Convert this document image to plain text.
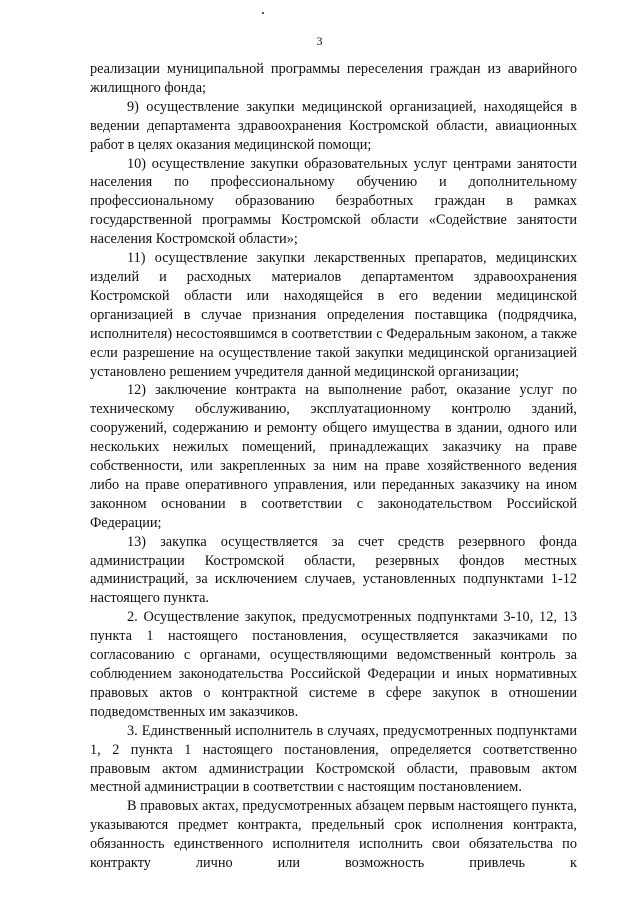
3

реализации муниципальной программы переселения граждан из аварийного жилищного фонда;

9) осуществление закупки медицинской организацией, находящейся в ведении департамента здравоохранения Костромской области, авиационных работ в целях оказания медицинской помощи;

10) осуществление закупки образовательных услуг центрами занятости населения по профессиональному обучению и дополнительному профессиональному образованию безработных граждан в рамках государственной программы Костромской области «Содействие занятости населения Костромской области»;

11) осуществление закупки лекарственных препаратов, медицинских изделий и расходных материалов департаментом здравоохранения Костромской области или находящейся в его ведении медицинской организацией в случае признания определения поставщика (подрядчика, исполнителя) несостоявшимся в соответствии с Федеральным законом, а также если разрешение на осуществление такой закупки медицинской организацией установлено решением учредителя данной медицинской организации;

12) заключение контракта на выполнение работ, оказание услуг по техническому обслуживанию, эксплуатационному контролю зданий, сооружений, содержанию и ремонту общего имущества в здании, одного или нескольких нежилых помещений, принадлежащих заказчику на праве собственности, или закрепленных за ним на праве хозяйственного ведения либо на праве оперативного управления, или переданных заказчику на ином законном основании в соответствии с законодательством Российской Федерации;

13) закупка осуществляется за счет средств резервного фонда администрации Костромской области, резервных фондов местных администраций, за исключением случаев, установленных подпунктами 1-12 настоящего пункта.

2. Осуществление закупок, предусмотренных подпунктами 3-10, 12, 13 пункта 1 настоящего постановления, осуществляется заказчиками по согласованию с органами, осуществляющими ведомственный контроль за соблюдением законодательства Российской Федерации и иных нормативных правовых актов о контрактной системе в сфере закупок в отношении подведомственных им заказчиков.

3. Единственный исполнитель в случаях, предусмотренных подпунктами 1, 2 пункта 1 настоящего постановления, определяется соответственно правовым актом администрации Костромской области, правовым актом местной администрации в соответствии с настоящим постановлением.

В правовых актах, предусмотренных абзацем первым настоящего пункта, указываются предмет контракта, предельный срок исполнения контракта, обязанность единственного исполнителя исполнить свои обязательства по контракту лично или возможность привлечь к
